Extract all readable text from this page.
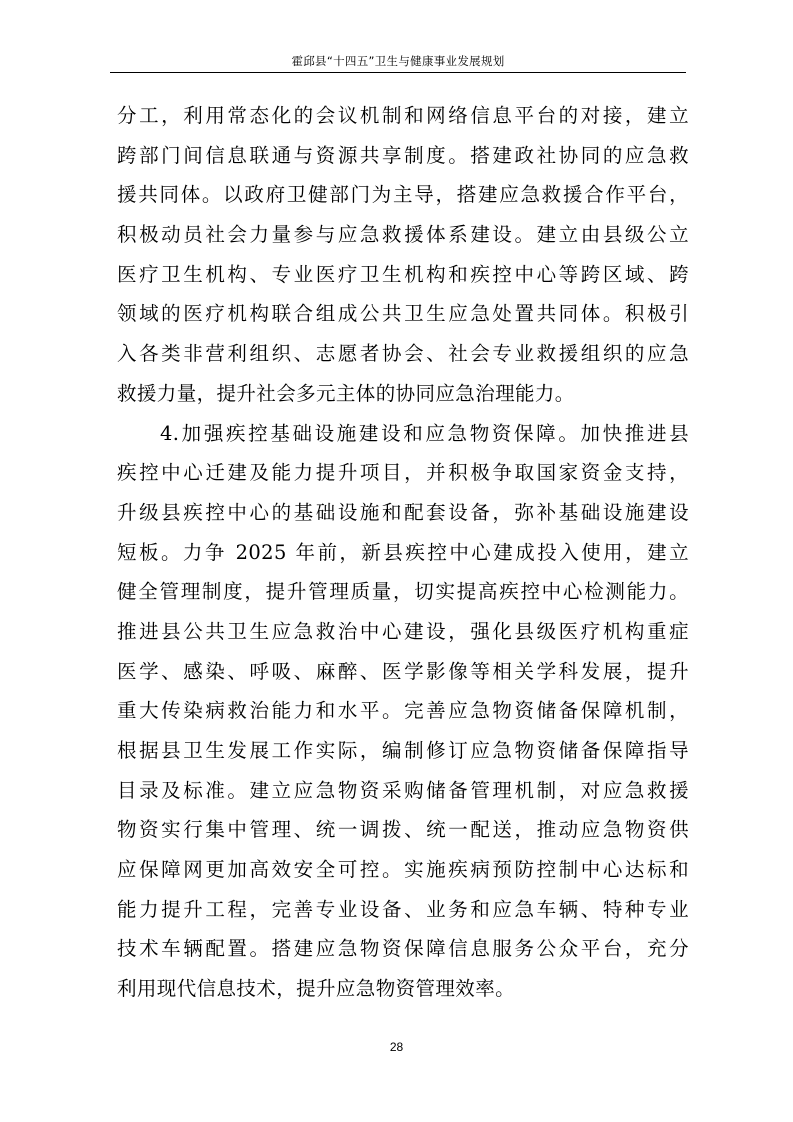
霍邱县“十四五”卫生与健康事业发展规划
分工，利用常态化的会议机制和网络信息平台的对接，建立
跨部门间信息联通与资源共享制度。搭建政社协同的应急救
援共同体。以政府卫健部门为主导，搭建应急救援合作平台，
积极动员社会力量参与应急救援体系建设。建立由县级公立
医疗卫生机构、专业医疗卫生机构和疾控中心等跨区域、跨
领域的医疗机构联合组成公共卫生应急处置共同体。积极引
入各类非营利组织、志愿者协会、社会专业救援组织的应急
救援力量，提升社会多元主体的协同应急治理能力。
4.加强疾控基础设施建设和应急物资保障。加快推进县
疾控中心迁建及能力提升项目，并积极争取国家资金支持，
升级县疾控中心的基础设施和配套设备，弥补基础设施建设
短板。力争 2025 年前，新县疾控中心建成投入使用，建立
健全管理制度，提升管理质量，切实提高疾控中心检测能力。
推进县公共卫生应急救治中心建设，强化县级医疗机构重症
医学、感染、呼吸、麻醉、医学影像等相关学科发展，提升
重大传染病救治能力和水平。完善应急物资储备保障机制，
根据县卫生发展工作实际，编制修订应急物资储备保障指导
目录及标准。建立应急物资采购储备管理机制，对应急救援
物资实行集中管理、统一调拨、统一配送，推动应急物资供
应保障网更加高效安全可控。实施疾病预防控制中心达标和
能力提升工程，完善专业设备、业务和应急车辆、特种专业
技术车辆配置。搭建应急物资保障信息服务公众平台，充分
利用现代信息技术，提升应急物资管理效率。
28
